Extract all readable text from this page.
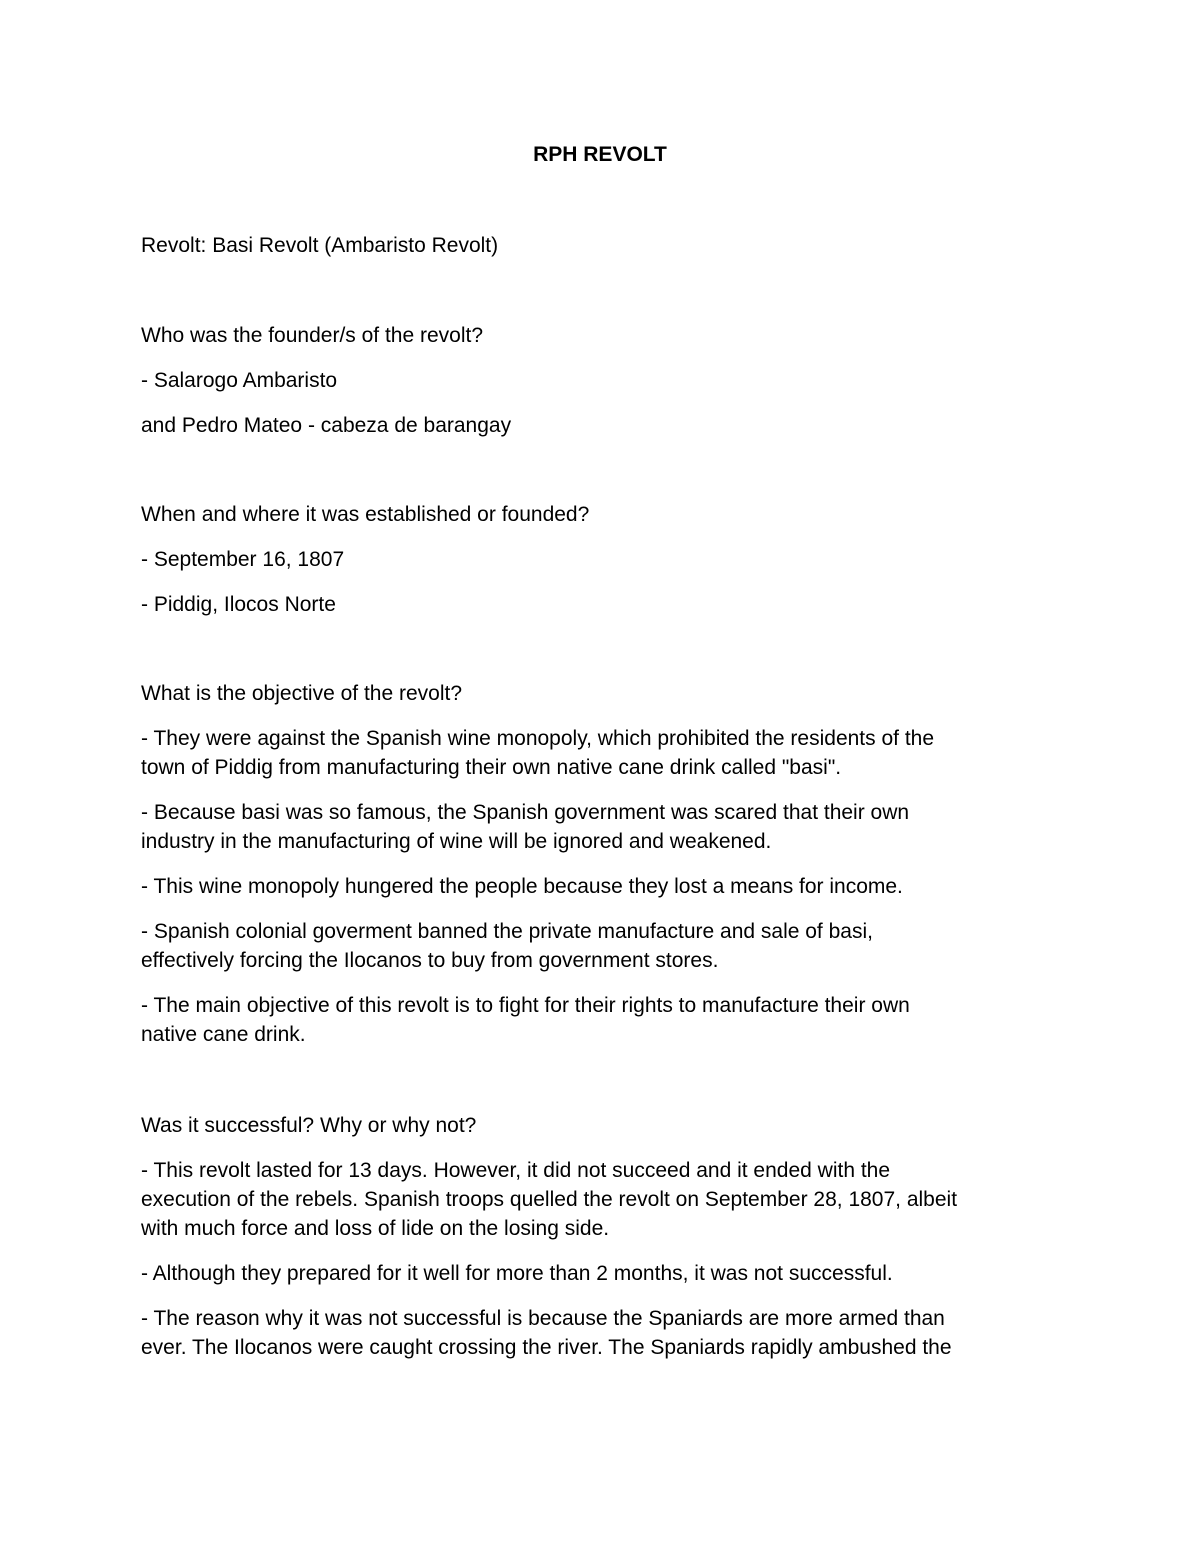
RPH REVOLT
Revolt: Basi Revolt (Ambaristo Revolt)
Who was the founder/s of the revolt?
- Salarogo Ambaristo
and Pedro Mateo - cabeza de barangay
When and where it was established or founded?
- September 16, 1807
- Piddig, Ilocos Norte
What is the objective of the revolt?
- They were against the Spanish wine monopoly, which prohibited the residents of the
town of Piddig from manufacturing their own native cane drink called "basi".
- Because basi was so famous, the Spanish government was scared that their own
industry in the manufacturing of wine will be ignored and weakened.
- This wine monopoly hungered the people because they lost a means for income.
- Spanish colonial goverment banned the private manufacture and sale of basi,
effectively forcing the Ilocanos to buy from government stores.
- The main objective of this revolt is to fight for their rights to manufacture their own
native cane drink.
Was it successful? Why or why not?
- This revolt lasted for 13 days. However, it did not succeed and it ended with the
execution of the rebels. Spanish troops quelled the revolt on September 28, 1807, albeit
with much force and loss of lide on the losing side.
- Although they prepared for it well for more than 2 months, it was not successful.
- The reason why it was not successful is because the Spaniards are more armed than
ever. The Ilocanos were caught crossing the river. The Spaniards rapidly ambushed the
